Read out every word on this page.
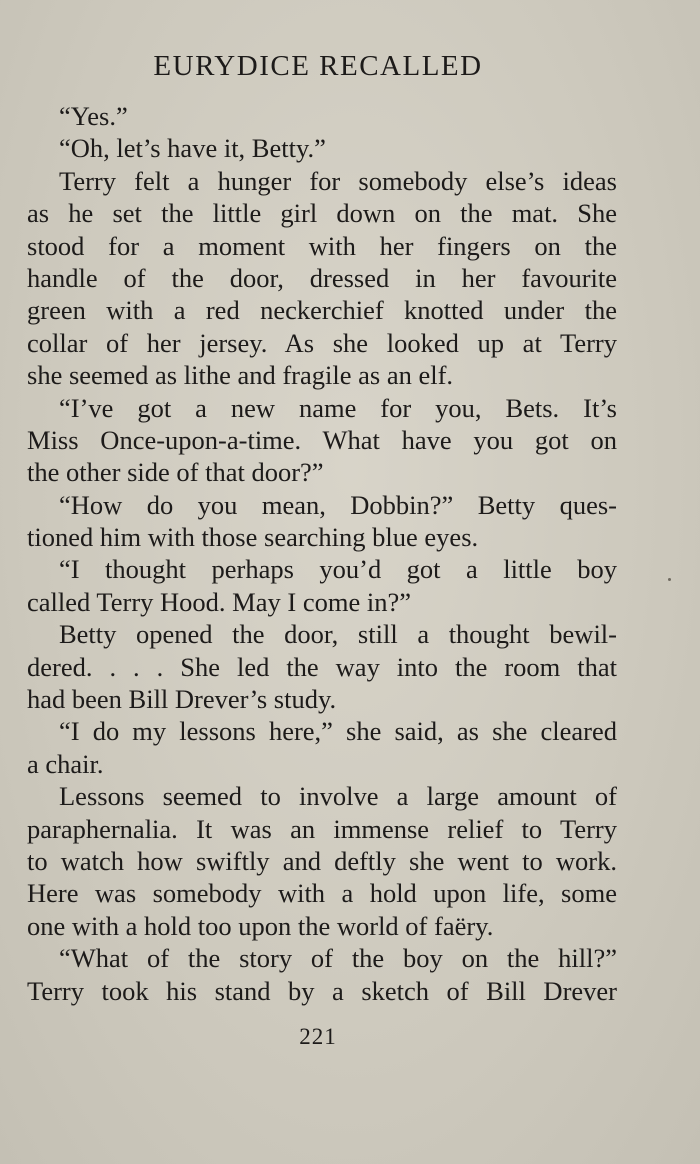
EURYDICE RECALLED
“Yes.”
“Oh, let’s have it, Betty.”
Terry felt a hunger for somebody else’s ideas
as he set the little girl down on the mat. She
stood for a moment with her fingers on the
handle of the door, dressed in her favourite
green with a red neckerchief knotted under the
collar of her jersey. As she looked up at Terry
she seemed as lithe and fragile as an elf.
“I’ve got a new name for you, Bets. It’s
Miss Once-upon-a-time. What have you got on
the other side of that door?”
“How do you mean, Dobbin?” Betty ques-
tioned him with those searching blue eyes.
“I thought perhaps you’d got a little boy
called Terry Hood. May I come in?”
Betty opened the door, still a thought bewil-
dered. . . . She led the way into the room that
had been Bill Drever’s study.
“I do my lessons here,” she said, as she cleared
a chair.
Lessons seemed to involve a large amount of
paraphernalia. It was an immense relief to Terry
to watch how swiftly and deftly she went to work.
Here was somebody with a hold upon life, some
one with a hold too upon the world of faëry.
“What of the story of the boy on the hill?”
Terry took his stand by a sketch of Bill Drever
221
